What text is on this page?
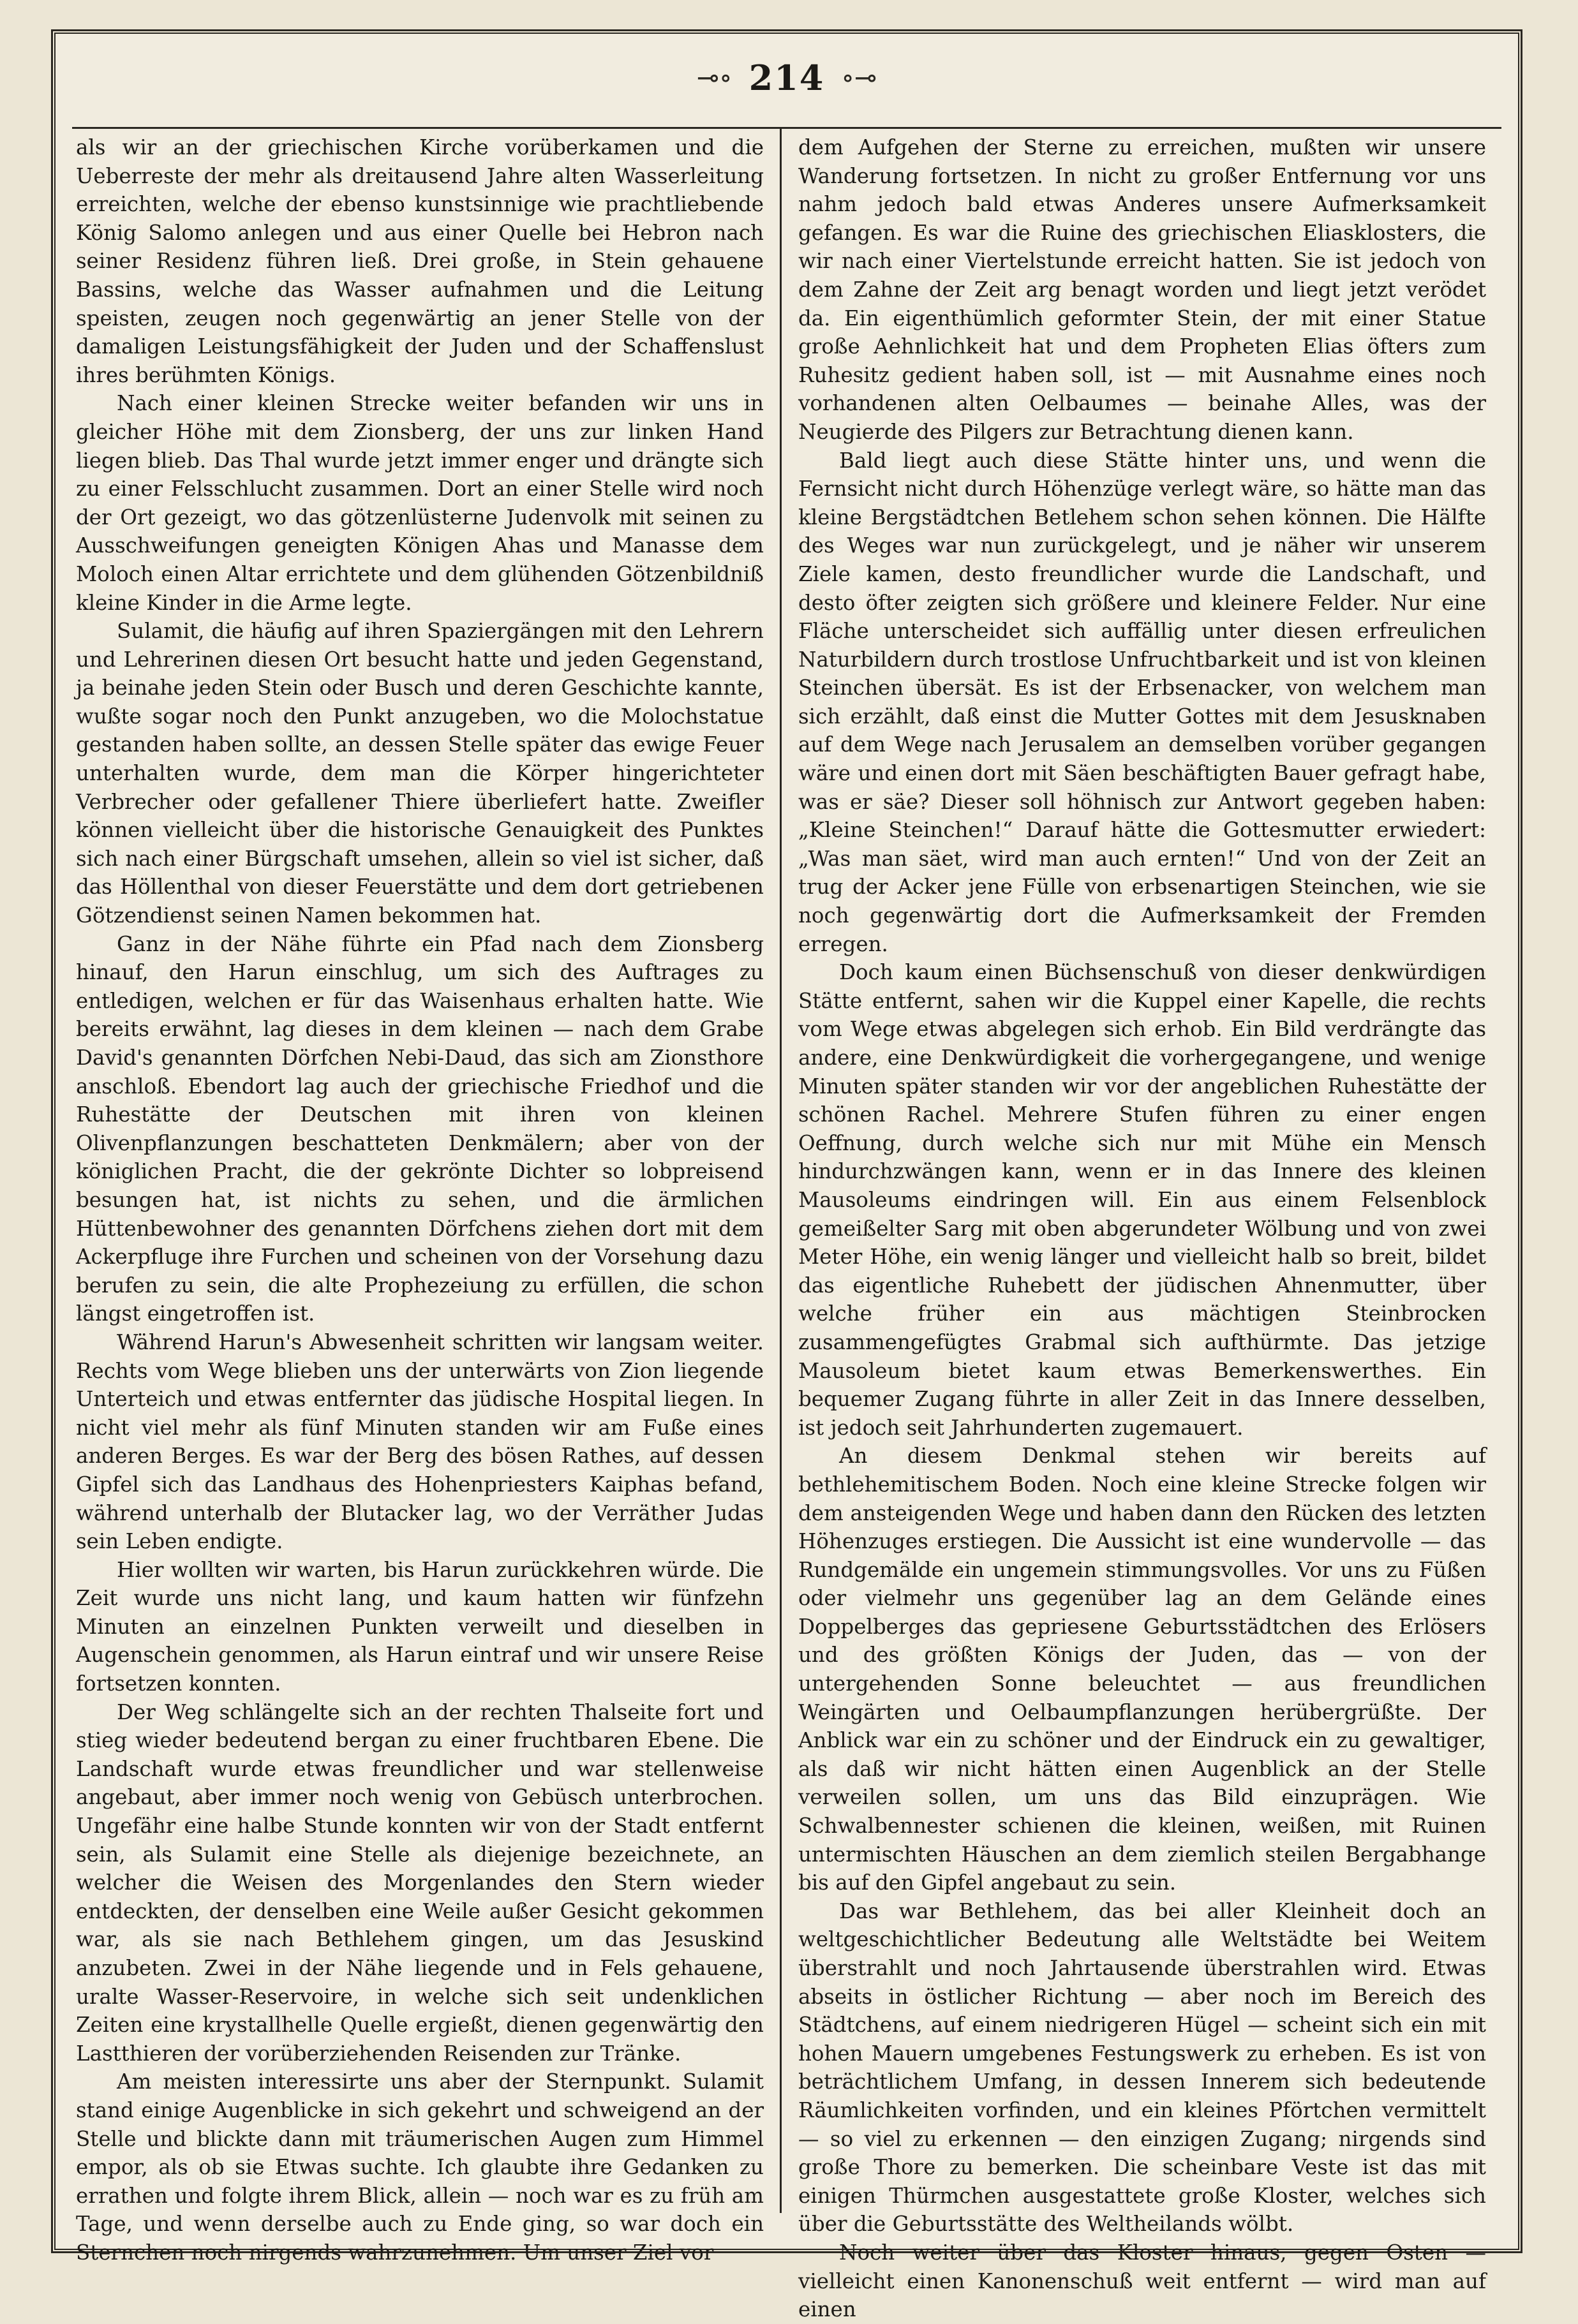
⊸∘ 214 ∘⊸

als wir an der griechischen Kirche vorüberkamen und die Ueberreste der mehr als dreitausend Jahre alten Wasserleitung erreichten, welche der ebenso kunstsinnige wie prachtliebende König Salomo anlegen und aus einer Quelle bei Hebron nach seiner Residenz führen ließ. Drei große, in Stein gehauene Bassins, welche das Wasser aufnahmen und die Leitung speisten, zeugen noch gegenwärtig an jener Stelle von der damaligen Leistungsfähigkeit der Juden und der Schaffenslust ihres berühmten Königs.

Nach einer kleinen Strecke weiter befanden wir uns in gleicher Höhe mit dem Zionsberg, der uns zur linken Hand liegen blieb. Das Thal wurde jetzt immer enger und drängte sich zu einer Felsschlucht zusammen. Dort an einer Stelle wird noch der Ort gezeigt, wo das götzenlüsterne Judenvolk mit seinen zu Ausschweifungen geneigten Königen Ahas und Manasse dem Moloch einen Altar errichtete und dem glühenden Götzenbildniß kleine Kinder in die Arme legte.

Sulamit, die häufig auf ihren Spaziergängen mit den Lehrern und Lehrerinen diesen Ort besucht hatte und jeden Gegenstand, ja beinahe jeden Stein oder Busch und deren Geschichte kannte, wußte sogar noch den Punkt anzugeben, wo die Molochstatue gestanden haben sollte, an dessen Stelle später das ewige Feuer unterhalten wurde, dem man die Körper hingerichteter Verbrecher oder gefallener Thiere überliefert hatte. Zweifler können vielleicht über die historische Genauigkeit des Punktes sich nach einer Bürgschaft umsehen, allein so viel ist sicher, daß das Höllenthal von dieser Feuerstätte und dem dort getriebenen Götzendienst seinen Namen bekommen hat.

Ganz in der Nähe führte ein Pfad nach dem Zionsberg hinauf, den Harun einschlug, um sich des Auftrages zu entledigen, welchen er für das Waisenhaus erhalten hatte. Wie bereits erwähnt, lag dieses in dem kleinen — nach dem Grabe David's genannten Dörfchen Nebi-Daud, das sich am Zionsthore anschloß. Ebendort lag auch der griechische Friedhof und die Ruhestätte der Deutschen mit ihren von kleinen Olivenpflanzungen beschatteten Denkmälern; aber von der königlichen Pracht, die der gekrönte Dichter so lobpreisend besungen hat, ist nichts zu sehen, und die ärmlichen Hüttenbewohner des genannten Dörfchens ziehen dort mit dem Ackerpfluge ihre Furchen und scheinen von der Vorsehung dazu berufen zu sein, die alte Prophezeiung zu erfüllen, die schon längst eingetroffen ist.

Während Harun's Abwesenheit schritten wir langsam weiter. Rechts vom Wege blieben uns der unterwärts von Zion liegende Unterteich und etwas entfernter das jüdische Hospital liegen. In nicht viel mehr als fünf Minuten standen wir am Fuße eines anderen Berges. Es war der Berg des bösen Rathes, auf dessen Gipfel sich das Landhaus des Hohenpriesters Kaiphas befand, während unterhalb der Blutacker lag, wo der Verräther Judas sein Leben endigte.

Hier wollten wir warten, bis Harun zurückkehren würde. Die Zeit wurde uns nicht lang, und kaum hatten wir fünfzehn Minuten an einzelnen Punkten verweilt und dieselben in Augenschein genommen, als Harun eintraf und wir unsere Reise fortsetzen konnten.

Der Weg schlängelte sich an der rechten Thalseite fort und stieg wieder bedeutend bergan zu einer fruchtbaren Ebene. Die Landschaft wurde etwas freundlicher und war stellenweise angebaut, aber immer noch wenig von Gebüsch unterbrochen. Ungefähr eine halbe Stunde konnten wir von der Stadt entfernt sein, als Sulamit eine Stelle als diejenige bezeichnete, an welcher die Weisen des Morgenlandes den Stern wieder entdeckten, der denselben eine Weile außer Gesicht gekommen war, als sie nach Bethlehem gingen, um das Jesuskind anzubeten. Zwei in der Nähe liegende und in Fels gehauene, uralte Wasser-Reservoire, in welche sich seit undenklichen Zeiten eine krystallhelle Quelle ergießt, dienen gegenwärtig den Lastthieren der vorüberziehenden Reisenden zur Tränke.

Am meisten interessirte uns aber der Sternpunkt. Sulamit stand einige Augenblicke in sich gekehrt und schweigend an der Stelle und blickte dann mit träumerischen Augen zum Himmel empor, als ob sie Etwas suchte. Ich glaubte ihre Gedanken zu errathen und folgte ihrem Blick, allein — noch war es zu früh am Tage, und wenn derselbe auch zu Ende ging, so war doch ein Sternchen noch nirgends wahrzunehmen. Um unser Ziel vor

dem Aufgehen der Sterne zu erreichen, mußten wir unsere Wanderung fortsetzen. In nicht zu großer Entfernung vor uns nahm jedoch bald etwas Anderes unsere Aufmerksamkeit gefangen. Es war die Ruine des griechischen Eliasklosters, die wir nach einer Viertelstunde erreicht hatten. Sie ist jedoch von dem Zahne der Zeit arg benagt worden und liegt jetzt verödet da. Ein eigenthümlich geformter Stein, der mit einer Statue große Aehnlichkeit hat und dem Propheten Elias öfters zum Ruhesitz gedient haben soll, ist — mit Ausnahme eines noch vorhandenen alten Oelbaumes — beinahe Alles, was der Neugierde des Pilgers zur Betrachtung dienen kann.

Bald liegt auch diese Stätte hinter uns, und wenn die Fernsicht nicht durch Höhenzüge verlegt wäre, so hätte man das kleine Bergstädtchen Betlehem schon sehen können. Die Hälfte des Weges war nun zurückgelegt, und je näher wir unserem Ziele kamen, desto freundlicher wurde die Landschaft, und desto öfter zeigten sich größere und kleinere Felder. Nur eine Fläche unterscheidet sich auffällig unter diesen erfreulichen Naturbildern durch trostlose Unfruchtbarkeit und ist von kleinen Steinchen übersät. Es ist der Erbsenacker, von welchem man sich erzählt, daß einst die Mutter Gottes mit dem Jesusknaben auf dem Wege nach Jerusalem an demselben vorüber gegangen wäre und einen dort mit Säen beschäftigten Bauer gefragt habe, was er säe? Dieser soll höhnisch zur Antwort gegeben haben: „Kleine Steinchen!“ Darauf hätte die Gottesmutter erwiedert: „Was man säet, wird man auch ernten!“ Und von der Zeit an trug der Acker jene Fülle von erbsenartigen Steinchen, wie sie noch gegenwärtig dort die Aufmerksamkeit der Fremden erregen.

Doch kaum einen Büchsenschuß von dieser denkwürdigen Stätte entfernt, sahen wir die Kuppel einer Kapelle, die rechts vom Wege etwas abgelegen sich erhob. Ein Bild verdrängte das andere, eine Denkwürdigkeit die vorhergegangene, und wenige Minuten später standen wir vor der angeblichen Ruhestätte der schönen Rachel. Mehrere Stufen führen zu einer engen Oeffnung, durch welche sich nur mit Mühe ein Mensch hindurchzwängen kann, wenn er in das Innere des kleinen Mausoleums eindringen will. Ein aus einem Felsenblock gemeißelter Sarg mit oben abgerundeter Wölbung und von zwei Meter Höhe, ein wenig länger und vielleicht halb so breit, bildet das eigentliche Ruhebett der jüdischen Ahnenmutter, über welche früher ein aus mächtigen Steinbrocken zusammengefügtes Grabmal sich aufthürmte. Das jetzige Mausoleum bietet kaum etwas Bemerkenswerthes. Ein bequemer Zugang führte in aller Zeit in das Innere desselben, ist jedoch seit Jahrhunderten zugemauert.

An diesem Denkmal stehen wir bereits auf bethlehemitischem Boden. Noch eine kleine Strecke folgen wir dem ansteigenden Wege und haben dann den Rücken des letzten Höhenzuges erstiegen. Die Aussicht ist eine wundervolle — das Rundgemälde ein ungemein stimmungsvolles. Vor uns zu Füßen oder vielmehr uns gegenüber lag an dem Gelände eines Doppelberges das gepriesene Geburtsstädtchen des Erlösers und des größten Königs der Juden, das — von der untergehenden Sonne beleuchtet — aus freundlichen Weingärten und Oelbaumpflanzungen herübergrüßte. Der Anblick war ein zu schöner und der Eindruck ein zu gewaltiger, als daß wir nicht hätten einen Augenblick an der Stelle verweilen sollen, um uns das Bild einzuprägen. Wie Schwalbennester schienen die kleinen, weißen, mit Ruinen untermischten Häuschen an dem ziemlich steilen Bergabhange bis auf den Gipfel angebaut zu sein.

Das war Bethlehem, das bei aller Kleinheit doch an weltgeschichtlicher Bedeutung alle Weltstädte bei Weitem überstrahlt und noch Jahrtausende überstrahlen wird. Etwas abseits in östlicher Richtung — aber noch im Bereich des Städtchens, auf einem niedrigeren Hügel — scheint sich ein mit hohen Mauern umgebenes Festungswerk zu erheben. Es ist von beträchtlichem Umfang, in dessen Innerem sich bedeutende Räumlichkeiten vorfinden, und ein kleines Pförtchen vermittelt — so viel zu erkennen — den einzigen Zugang; nirgends sind große Thore zu bemerken. Die scheinbare Veste ist das mit einigen Thürmchen ausgestattete große Kloster, welches sich über die Geburtsstätte des Weltheilands wölbt.

Noch weiter über das Kloster hinaus, gegen Osten — vielleicht einen Kanonenschuß weit entfernt — wird man auf einen
